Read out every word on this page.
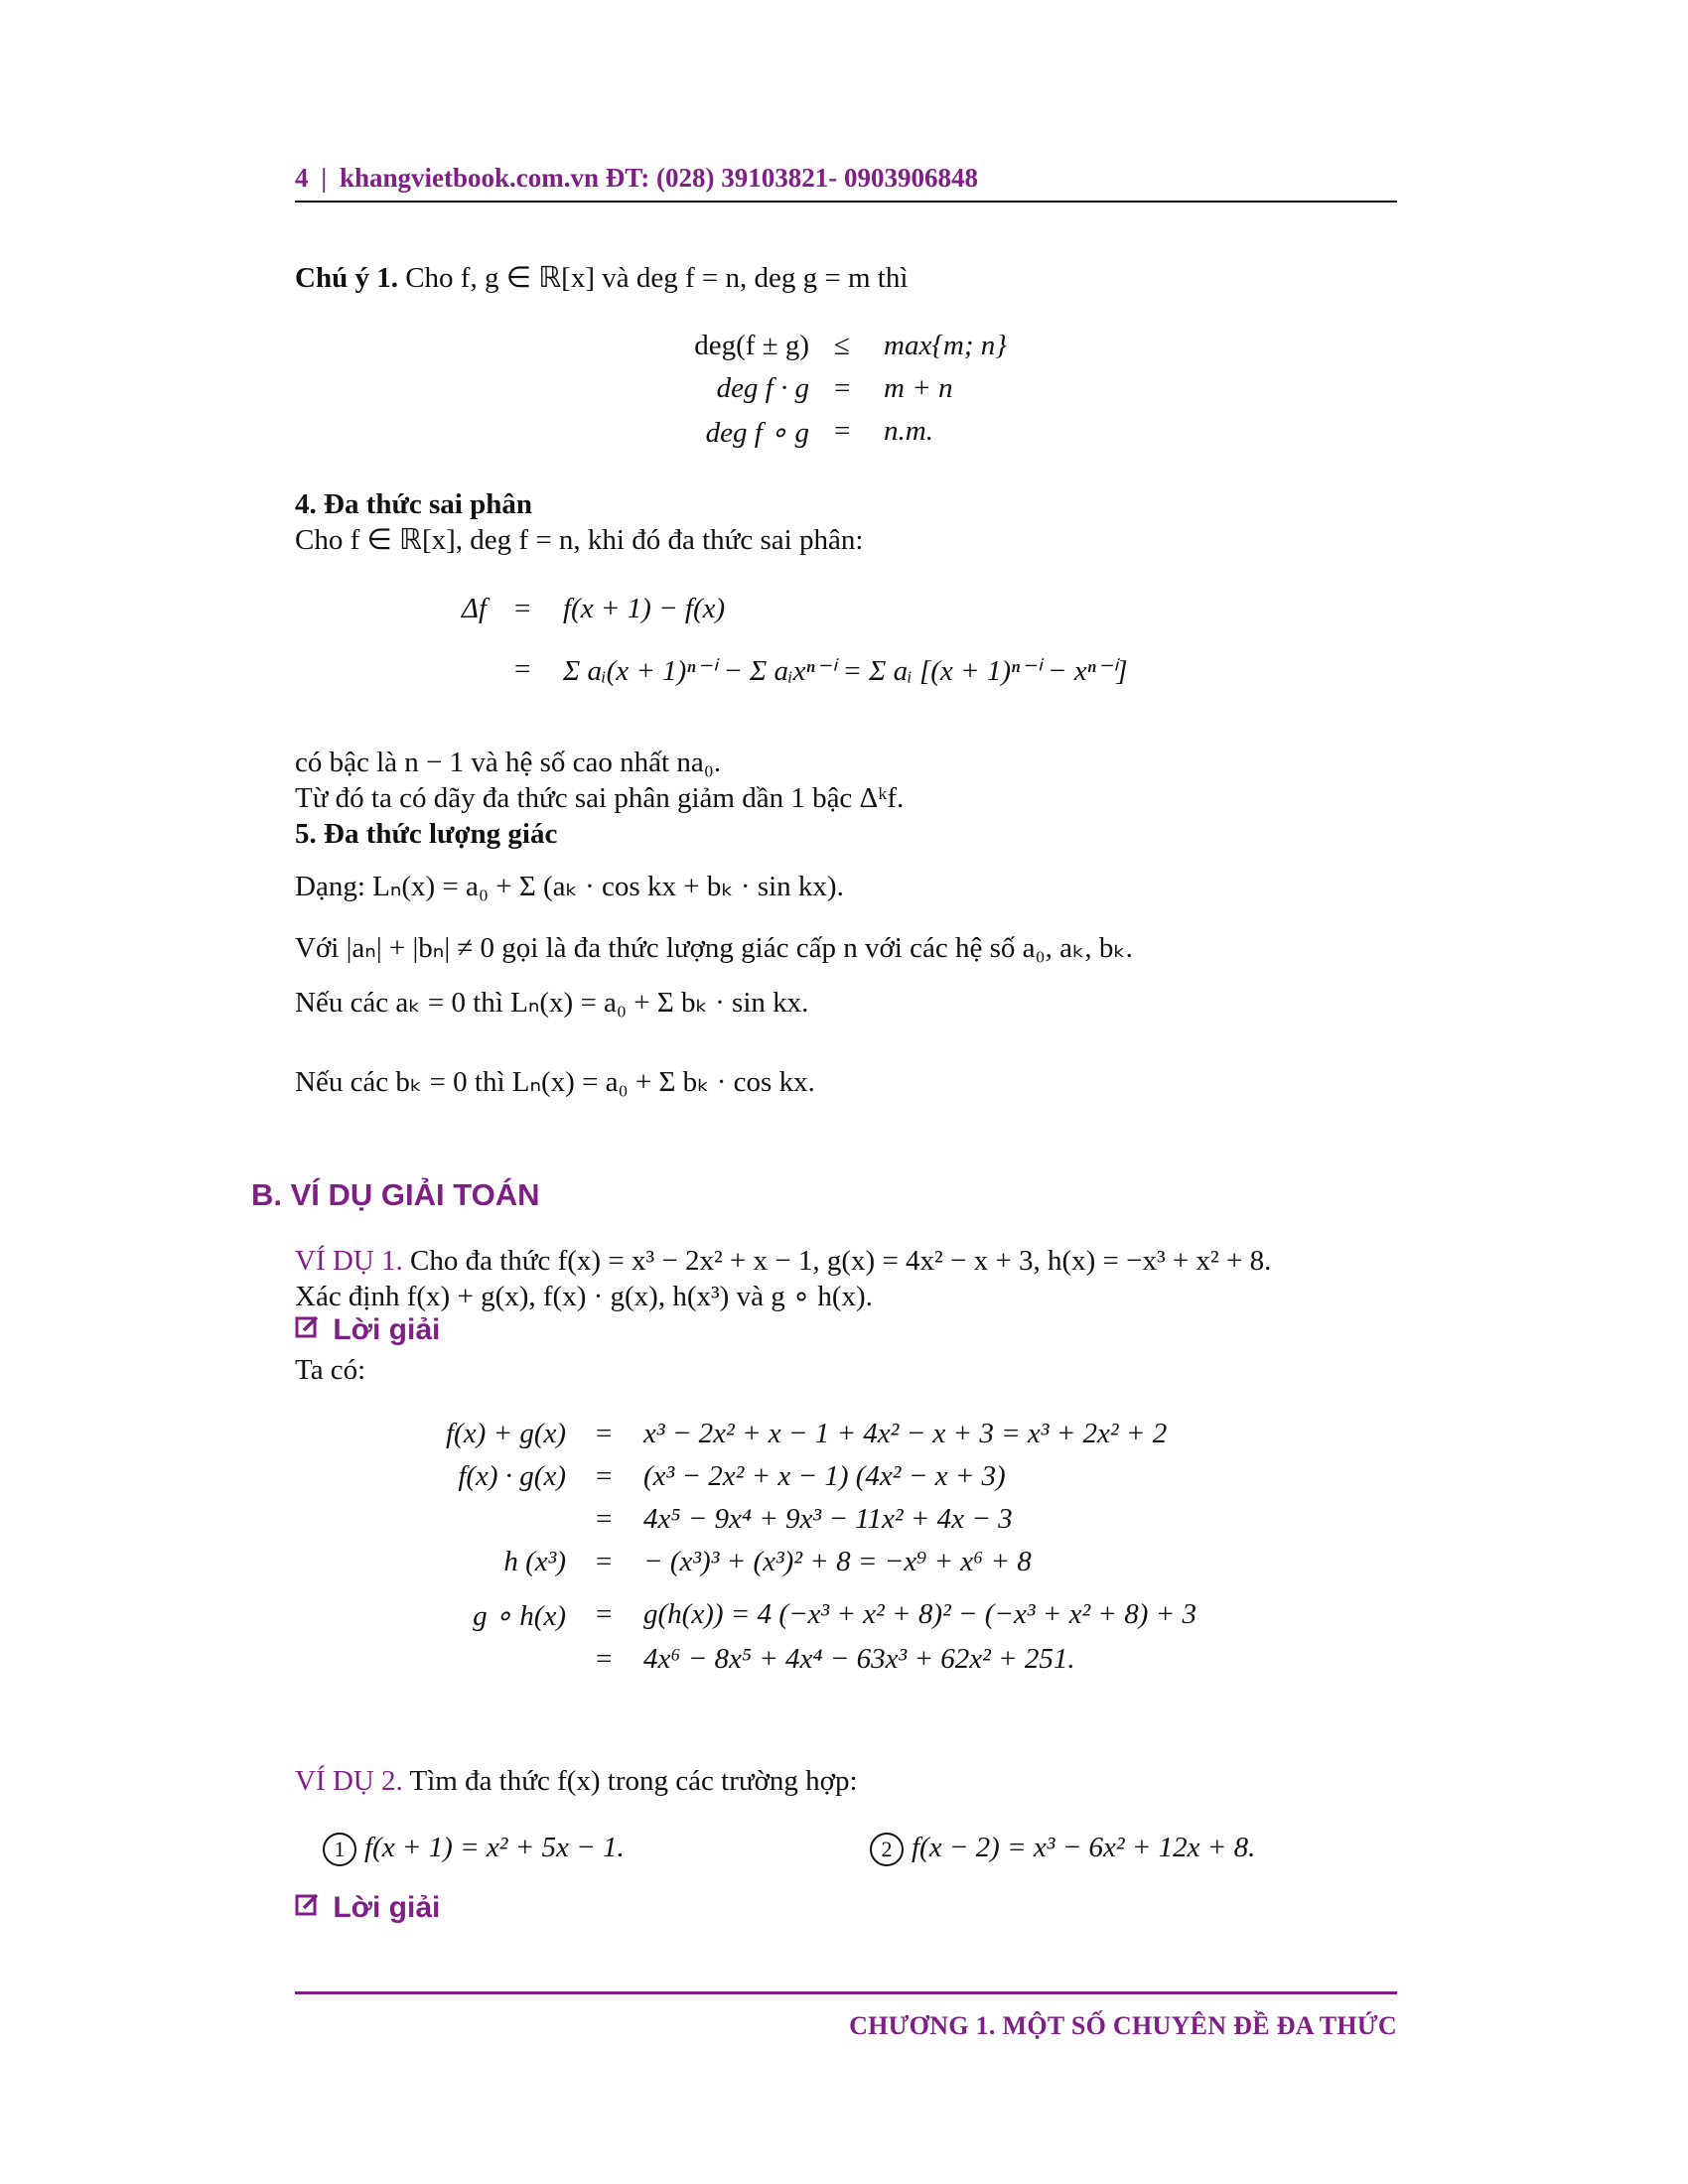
4 | khangvietbook.com.vn ĐT: (028) 39103821- 0903906848
Chú ý 1. Cho f, g ∈ ℝ[x] và deg f = n, deg g = m thì
deg(f ± g) ≤ max{m; n}
deg f · g = m + n
deg f ∘ g = n.m.
4. Đa thức sai phân
Cho f ∈ ℝ[x], deg f = n, khi đó đa thức sai phân:
Δf = f(x + 1) − f(x)
= Σ aᵢ(x + 1)ⁿ⁻ⁱ − Σ aᵢxⁿ⁻ⁱ = Σ aᵢ [(x + 1)ⁿ⁻ⁱ − xⁿ⁻ⁱ]
có bậc là n − 1 và hệ số cao nhất na₀.
Từ đó ta có dãy đa thức sai phân giảm dần 1 bậc Δᵏf.
5. Đa thức lượng giác
Dạng: Lₙ(x) = a₀ + Σ (aₖ · cos kx + bₖ · sin kx).
Với |aₙ| + |bₙ| ≠ 0 gọi là đa thức lượng giác cấp n với các hệ số a₀, aₖ, bₖ.
Nếu các aₖ = 0 thì Lₙ(x) = a₀ + Σ bₖ · sin kx.
Nếu các bₖ = 0 thì Lₙ(x) = a₀ + Σ bₖ · cos kx.
B. VÍ DỤ GIẢI TOÁN
VÍ DỤ 1. Cho đa thức f(x) = x³ − 2x² + x − 1, g(x) = 4x² − x + 3, h(x) = −x³ + x² + 8.
Xác định f(x) + g(x), f(x) · g(x), h(x³) và g ∘ h(x).
Lời giải
Ta có:
f(x) + g(x) = x³ − 2x² + x − 1 + 4x² − x + 3 = x³ + 2x² + 2
f(x) · g(x) = (x³ − 2x² + x − 1) (4x² − x + 3)
= 4x⁵ − 9x⁴ + 9x³ − 11x² + 4x − 3
h (x³) = − (x³)³ + (x³)² + 8 = −x⁹ + x⁶ + 8
g ∘ h(x) = g(h(x)) = 4 (−x³ + x² + 8)² − (−x³ + x² + 8) + 3
= 4x⁶ − 8x⁵ + 4x⁴ − 63x³ + 62x² + 251.
VÍ DỤ 2. Tìm đa thức f(x) trong các trường hợp:
1 f(x + 1) = x² + 5x − 1.	2 f(x − 2) = x³ − 6x² + 12x + 8.
Lời giải
CHƯƠNG 1. MỘT SỐ CHUYÊN ĐỀ ĐA THỨC
